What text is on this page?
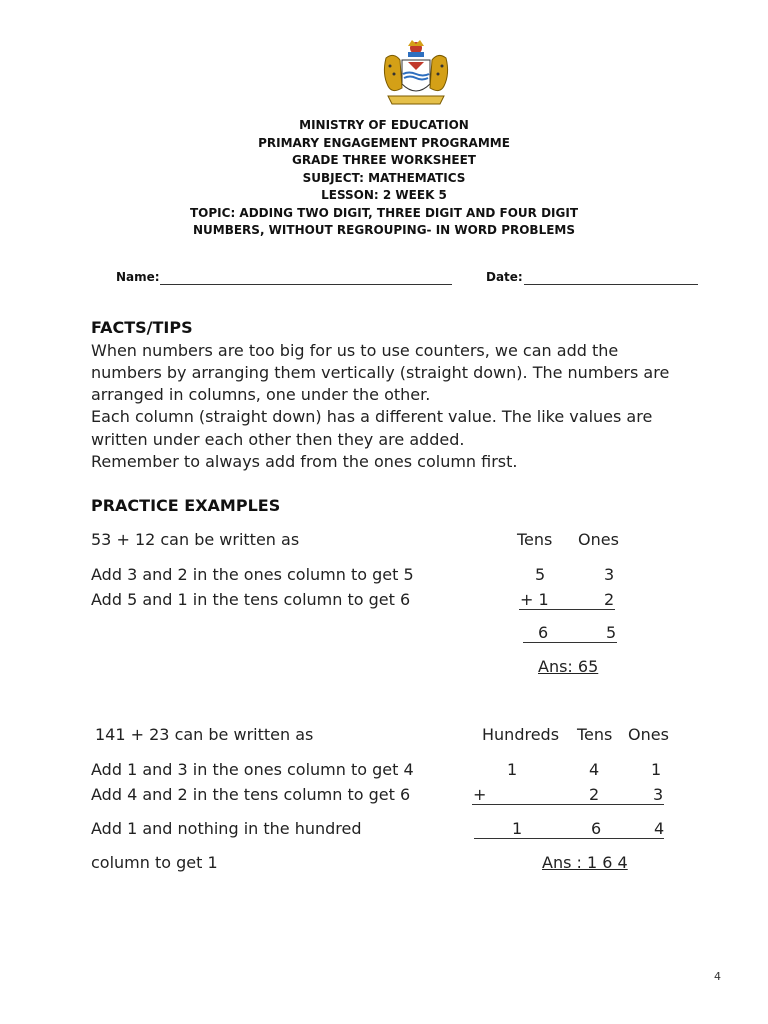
MINISTRY OF EDUCATION
PRIMARY ENGAGEMENT PROGRAMME
GRADE THREE WORKSHEET
SUBJECT: MATHEMATICS
LESSON: 2 WEEK 5
TOPIC: ADDING TWO DIGIT, THREE DIGIT AND FOUR DIGIT
NUMBERS, WITHOUT REGROUPING- IN WORD PROBLEMS
Name:	Date:
FACTS/TIPS
When numbers are too big for us to use counters, we can add the
numbers by arranging them vertically (straight down). The numbers are
arranged in columns, one under the other.
Each column (straight down) has a different value. The like values are
written under each other then they are added.
Remember to always add from the ones column first.
PRACTICE EXAMPLES
53 + 12 can be written as
Add 3 and 2 in the ones column to get 5
Add 5 and 1 in the tens column to get 6
Tens Ones
5	3
+ 1	2
6	5
Ans: 65
141 + 23 can be written as
Add 1 and 3 in the ones column to get 4
Add 4 and 2 in the tens column to get 6
Add 1 and nothing in the hundred
column to get 1
Hundreds Tens Ones
1	4	1
+	2	3
1	6	4
Ans : 1 6 4
4
